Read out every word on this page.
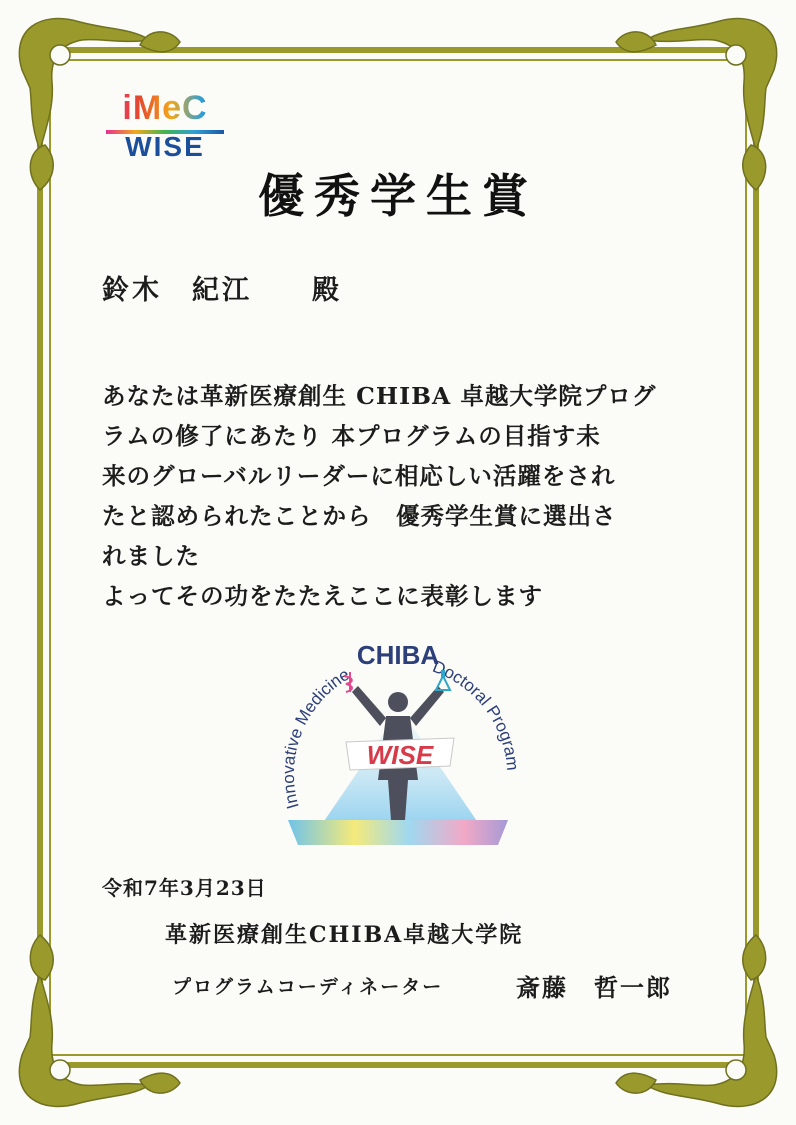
iMeC
WISE
優秀学生賞
鈴木　紀江　　殿
あなたは革新医療創生 CHIBA 卓越大学院プログ
ラムの修了にあたり 本プログラムの目指す未
来のグローバルリーダーに相応しい活躍をされ
たと認められたことから　優秀学生賞に選出さ
れました
よってその功をたたえここに表彰します
Innovative Medicine
CHIBA
Doctoral Program
WISE
令和7年3月23日
革新医療創生CHIBA卓越大学院
プログラムコーディネーター	斎藤　哲一郎
